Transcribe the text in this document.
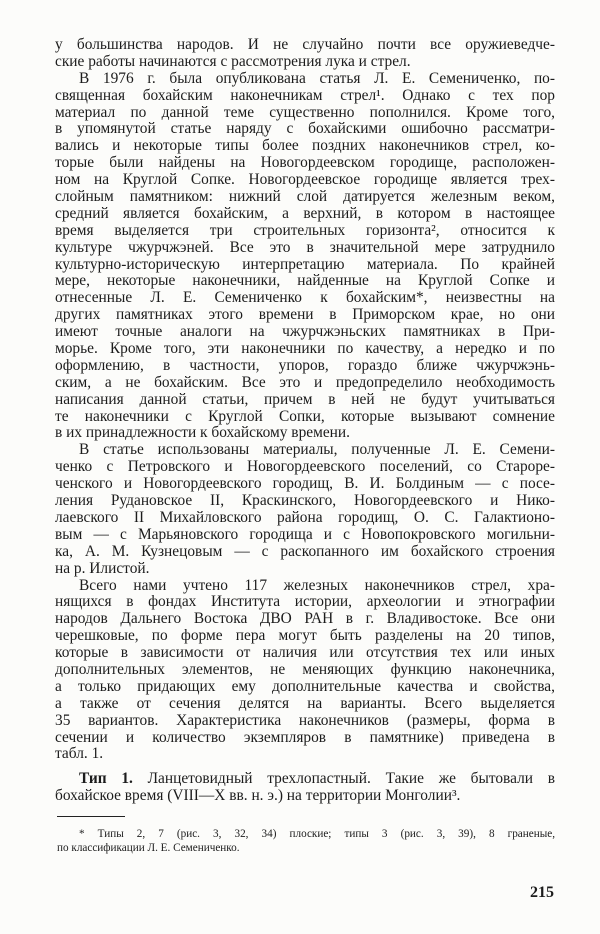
у большинства народов. И не случайно почти все оружиеведче-
ские работы начинаются с рассмотрения лука и стрел.
В 1976 г. была опубликована статья Л. Е. Семениченко, по-
священная бохайским наконечникам стрел¹. Однако с тех пор
материал по данной теме существенно пополнился. Кроме того,
в упомянутой статье наряду с бохайскими ошибочно рассматри-
вались и некоторые типы более поздних наконечников стрел, ко-
торые были найдены на Новогордеевском городище, расположен-
ном на Круглой Сопке. Новогордеевское городище является трех-
слойным памятником: нижний слой датируется железным веком,
средний является бохайским, а верхний, в котором в настоящее
время выделяется три строительных горизонта², относится к
культуре чжурчжэней. Все это в значительной мере затруднило
культурно-историческую интерпретацию материала. По крайней
мере, некоторые наконечники, найденные на Круглой Сопке и
отнесенные Л. Е. Семениченко к бохайским*, неизвестны на
других памятниках этого времени в Приморском крае, но они
имеют точные аналоги на чжурчжэньских памятниках в При-
морье. Кроме того, эти наконечники по качеству, а нередко и по
оформлению, в частности, упоров, гораздо ближе чжурчжэнь-
ским, а не бохайским. Все это и предопределило необходимость
написания данной статьи, причем в ней не будут учитываться
те наконечники с Круглой Сопки, которые вызывают сомнение
в их принадлежности к бохайскому времени.
В статье использованы материалы, полученные Л. Е. Семени-
ченко с Петровского и Новогордеевского поселений, со Староре-
ченского и Новогордеевского городищ, В. И. Болдиным — с посе-
ления Рудановское II, Краскинского, Новогордеевского и Нико-
лаевского II Михайловского района городищ, О. С. Галактионо-
вым — с Марьяновского городища и с Новопокровского могильни-
ка, А. М. Кузнецовым — с раскопанного им бохайского строения
на р. Илистой.
Всего нами учтено 117 железных наконечников стрел, хра-
нящихся в фондах Института истории, археологии и этнографии
народов Дальнего Востока ДВО РАН в г. Владивостоке. Все они
черешковые, по форме пера могут быть разделены на 20 типов,
которые в зависимости от наличия или отсутствия тех или иных
дополнительных элементов, не меняющих функцию наконечника,
а только придающих ему дополнительные качества и свойства,
а также от сечения делятся на варианты. Всего выделяется
35 вариантов. Характеристика наконечников (размеры, форма в
сечении и количество экземпляров в памятнике) приведена в
табл. 1.
Тип 1. Ланцетовидный трехлопастный. Такие же бытовали в
бохайское время (VIII—X вв. н. э.) на территории Монголии³.
* Типы 2, 7 (рис. 3, 32, 34) плоские; типы 3 (рис. 3, 39), 8 граненые,
по классификации Л. Е. Семениченко.
215
